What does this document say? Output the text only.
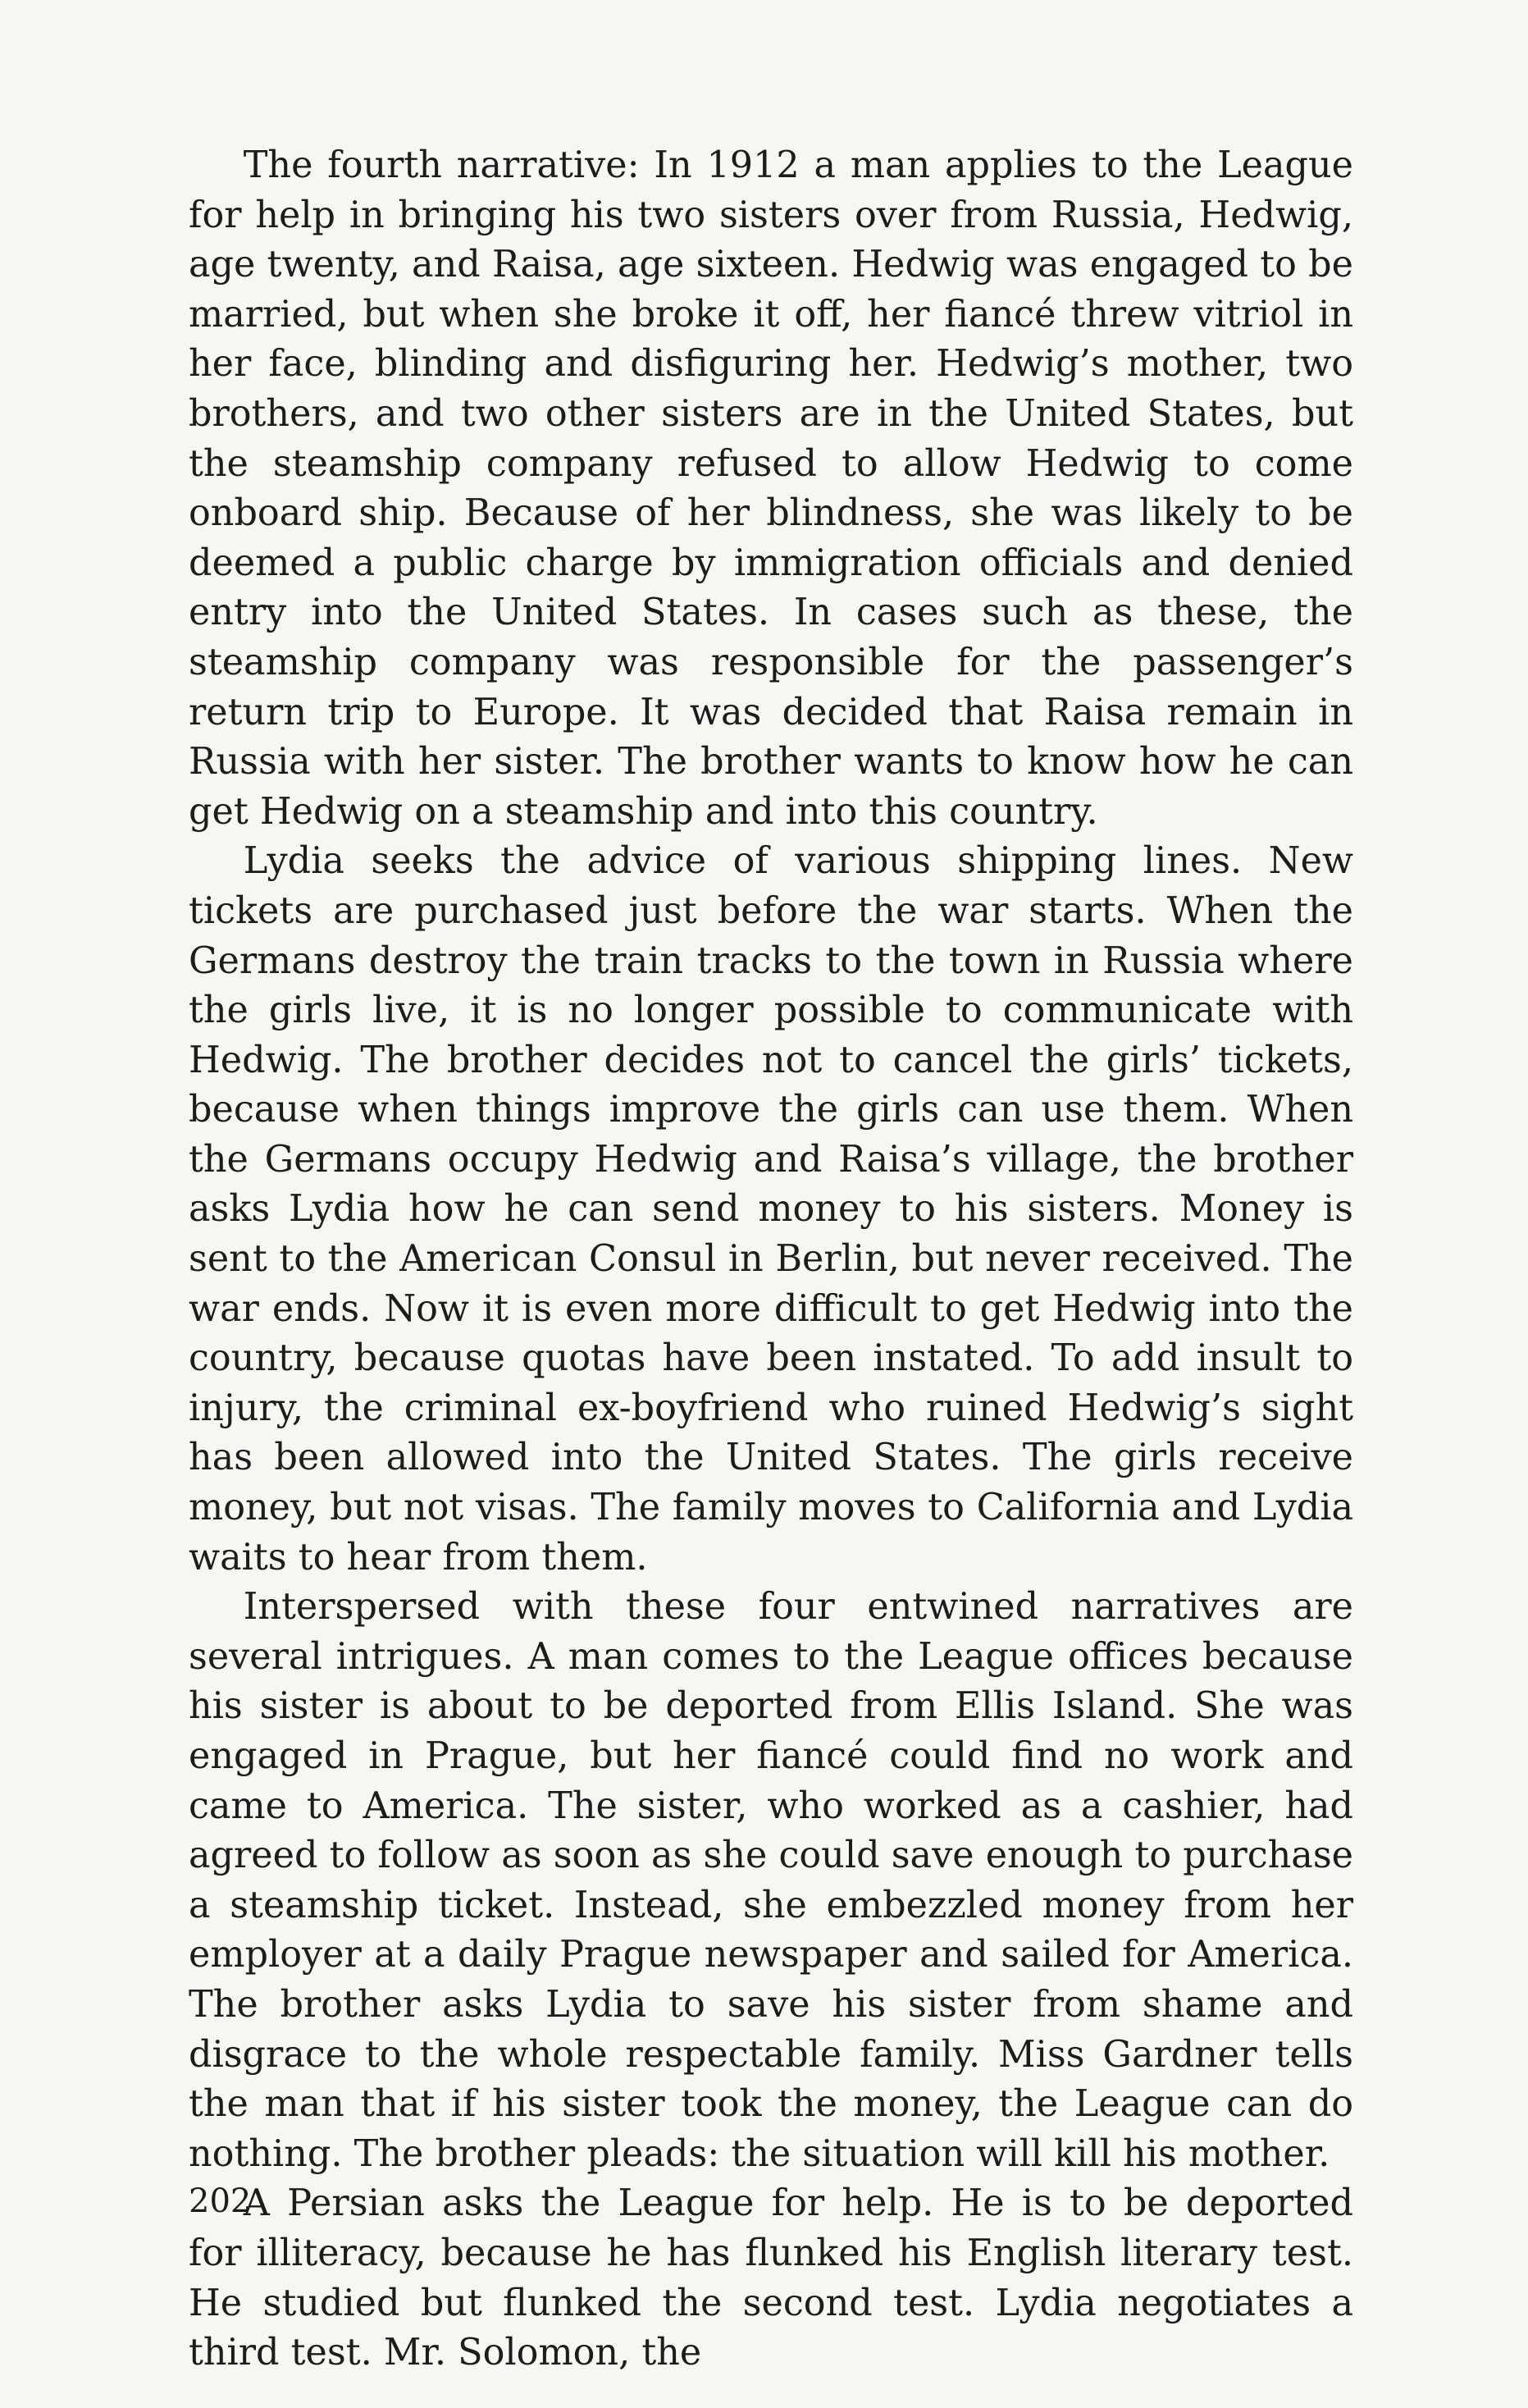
The fourth narrative: In 1912 a man applies to the League for help in bringing his two sisters over from Russia, Hedwig, age twenty, and Raisa, age sixteen. Hedwig was engaged to be married, but when she broke it off, her fiancé threw vitriol in her face, blinding and disfiguring her. Hedwig’s mother, two brothers, and two other sisters are in the United States, but the steamship company refused to allow Hedwig to come onboard ship. Because of her blindness, she was likely to be deemed a public charge by immigration officials and denied entry into the United States. In cases such as these, the steamship company was responsible for the passenger’s return trip to Europe. It was decided that Raisa remain in Russia with her sister. The brother wants to know how he can get Hedwig on a steamship and into this country.

Lydia seeks the advice of various shipping lines. New tickets are purchased just before the war starts. When the Germans destroy the train tracks to the town in Russia where the girls live, it is no longer possible to communicate with Hedwig. The brother decides not to cancel the girls’ tickets, because when things improve the girls can use them. When the Germans occupy Hedwig and Raisa’s village, the brother asks Lydia how he can send money to his sisters. Money is sent to the American Consul in Berlin, but never received. The war ends. Now it is even more difficult to get Hedwig into the country, because quotas have been instated. To add insult to injury, the criminal ex-boyfriend who ruined Hedwig’s sight has been allowed into the United States. The girls receive money, but not visas. The family moves to California and Lydia waits to hear from them.

Interspersed with these four entwined narratives are several intrigues. A man comes to the League offices because his sister is about to be deported from Ellis Island. She was engaged in Prague, but her fiancé could find no work and came to America. The sister, who worked as a cashier, had agreed to follow as soon as she could save enough to purchase a steamship ticket. Instead, she embezzled money from her employer at a daily Prague newspaper and sailed for America. The brother asks Lydia to save his sister from shame and disgrace to the whole respectable family. Miss Gardner tells the man that if his sister took the money, the League can do nothing. The brother pleads: the situation will kill his mother.

A Persian asks the League for help. He is to be deported for illiteracy, because he has flunked his English literary test. He studied but flunked the second test. Lydia negotiates a third test. Mr. Solomon, the

202
